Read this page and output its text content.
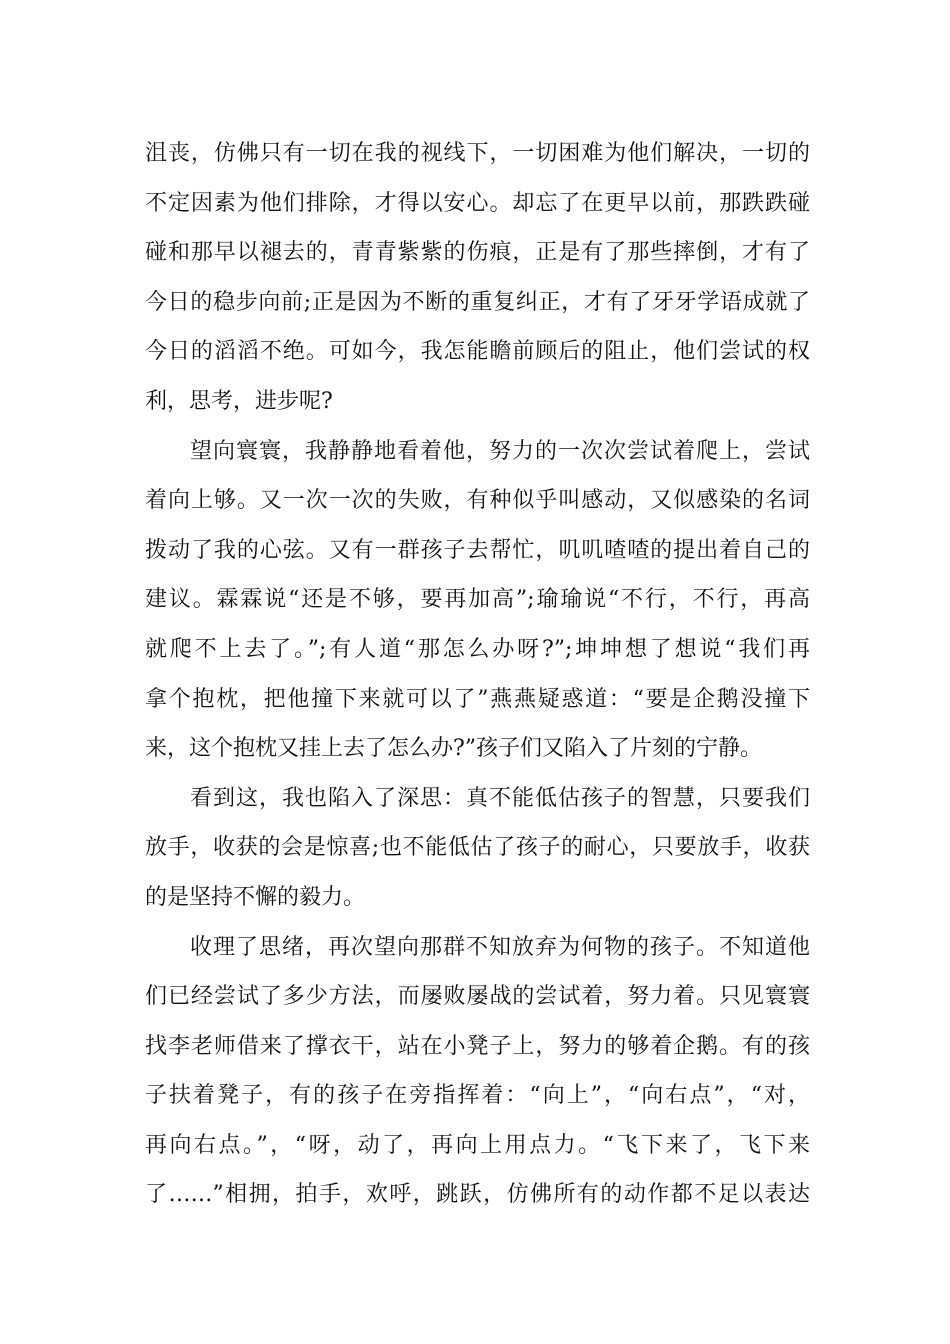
沮丧，仿佛只有一切在我的视线下，一切困难为他们解决，一切的
不定因素为他们排除，才得以安心。却忘了在更早以前，那跌跌碰
碰和那早以褪去的，青青紫紫的伤痕，正是有了那些摔倒，才有了
今日的稳步向前;正是因为不断的重复纠正，才有了牙牙学语成就了
今日的滔滔不绝。可如今，我怎能瞻前顾后的阻止，他们尝试的权
利，思考，进步呢?
望向寰寰，我静静地看着他，努力的一次次尝试着爬上，尝试
着向上够。又一次一次的失败，有种似乎叫感动，又似感染的名词
拨动了我的心弦。又有一群孩子去帮忙，叽叽喳喳的提出着自己的
建议。霖霖说“还是不够，要再加高”;瑜瑜说“不行，不行，再高
就爬不上去了。”;有人道“那怎么办呀?”;坤坤想了想说“我们再
拿个抱枕，把他撞下来就可以了”燕燕疑惑道：“要是企鹅没撞下
来，这个抱枕又挂上去了怎么办?”孩子们又陷入了片刻的宁静。
看到这，我也陷入了深思：真不能低估孩子的智慧，只要我们
放手，收获的会是惊喜;也不能低估了孩子的耐心，只要放手，收获
的是坚持不懈的毅力。
收理了思绪，再次望向那群不知放弃为何物的孩子。不知道他
们已经尝试了多少方法，而屡败屡战的尝试着，努力着。只见寰寰
找李老师借来了撑衣干，站在小凳子上，努力的够着企鹅。有的孩
子扶着凳子，有的孩子在旁指挥着：“向上”，“向右点”，“对，
再向右点。”，“呀，动了，再向上用点力。“飞下来了，飞下来
了……”相拥，拍手，欢呼，跳跃，仿佛所有的动作都不足以表达
